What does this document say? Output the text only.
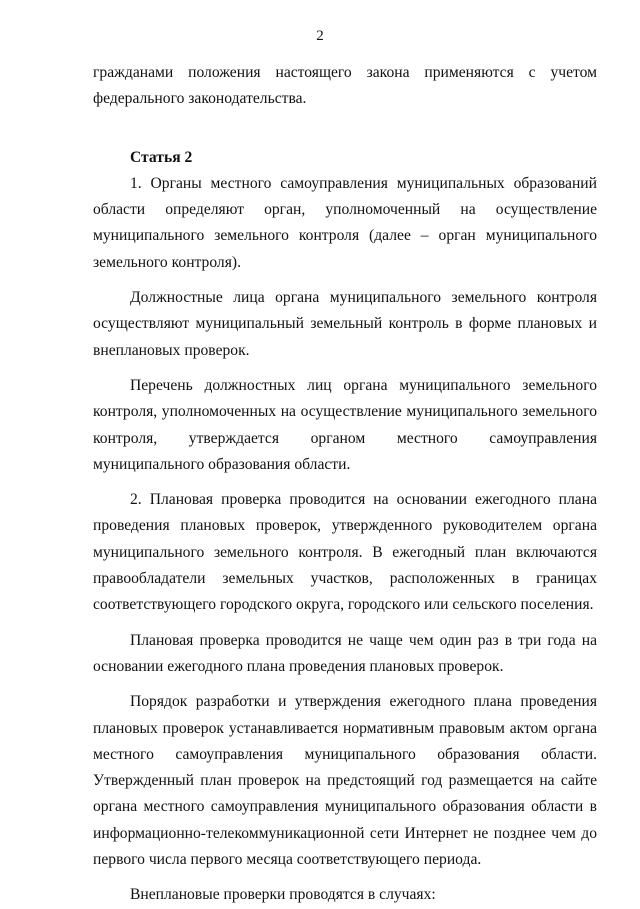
2

гражданами положения настоящего закона применяются с учетом федерального законодательства.

Статья 2

1. Органы местного самоуправления муниципальных образований области определяют орган, уполномоченный на осуществление муниципального земельного контроля (далее – орган муниципального земельного контроля).

Должностные лица органа муниципального земельного контроля осуществляют муниципальный земельный контроль в форме плановых и внеплановых проверок.

Перечень должностных лиц органа муниципального земельного контроля, уполномоченных на осуществление муниципального земельного контроля, утверждается органом местного самоуправления муниципального образования области.

2. Плановая проверка проводится на основании ежегодного плана проведения плановых проверок, утвержденного руководителем органа муниципального земельного контроля. В ежегодный план включаются правообладатели земельных участков, расположенных в границах соответствующего городского округа, городского или сельского поселения.

Плановая проверка проводится не чаще чем один раз в три года на основании ежегодного плана проведения плановых проверок.

Порядок разработки и утверждения ежегодного плана проведения плановых проверок устанавливается нормативным правовым актом органа местного самоуправления муниципального образования области. Утвержденный план проверок на предстоящий год размещается на сайте органа местного самоуправления муниципального образования области в информационно-телекоммуникационной сети Интернет не позднее чем до первого числа первого месяца соответствующего периода.

Внеплановые проверки проводятся в случаях:
